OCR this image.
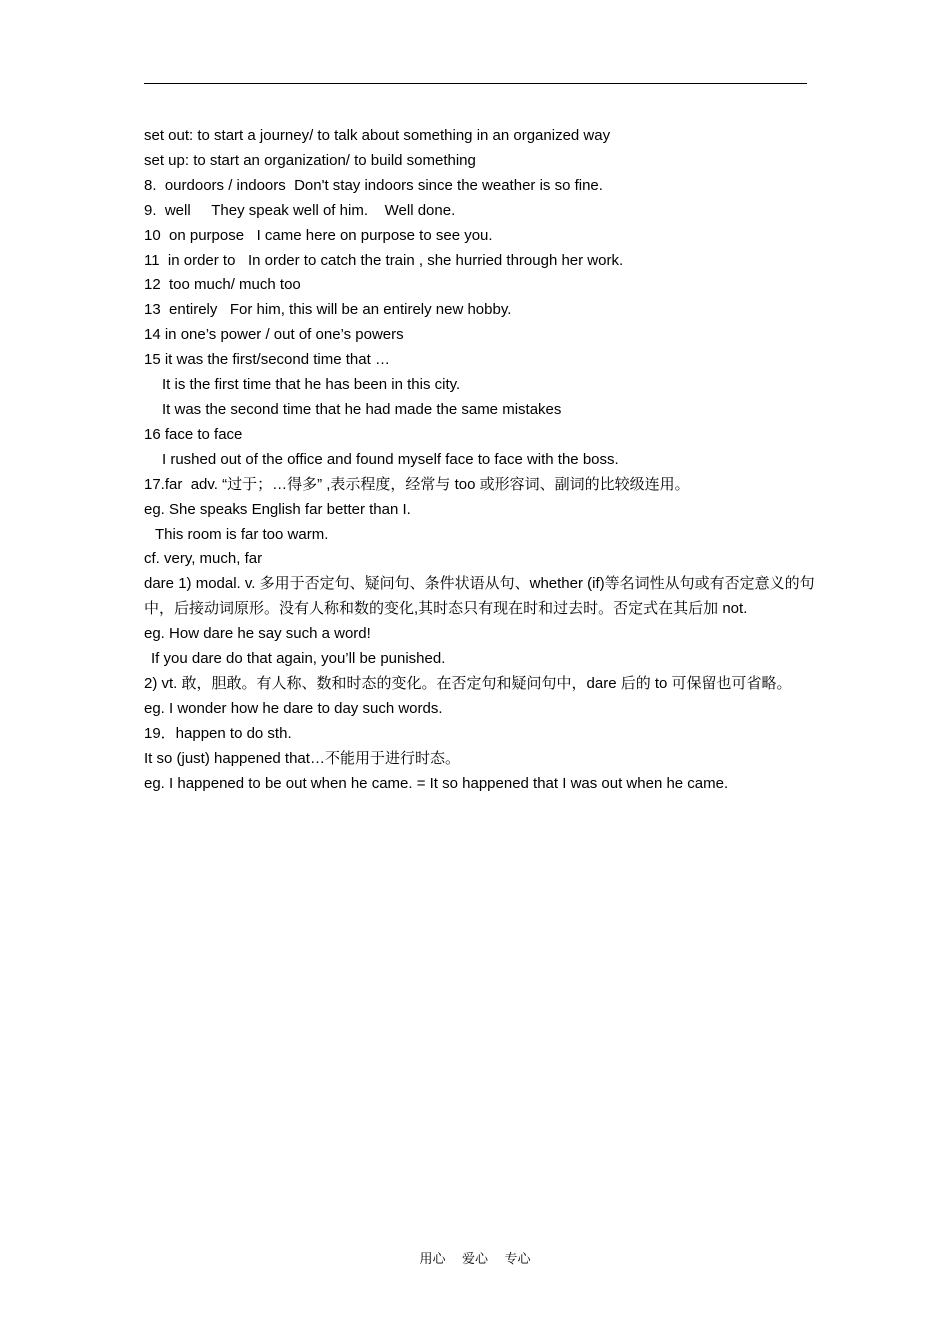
set out: to start a journey/ to talk about something in an organized way
set up: to start an organization/ to build something
8.  ourdoors / indoors  Don't stay indoors since the weather is so fine.
9.  well     They speak well of him.    Well done.
10  on purpose   I came here on purpose to see you.
11  in order to   In order to catch the train , she hurried through her work.
12  too much/ much too
13  entirely   For him, this will be an entirely new hobby.
14 in one’s power / out of one’s powers
15 it was the first/second time that …
It is the first time that he has been in this city.
It was the second time that he had made the same mistakes
16 face to face
I rushed out of the office and found myself face to face with the boss.
17.far  adv. “过于；…得多” ,表示程度，经常与 too 或形容词、副词的比较级连用。
eg. She speaks English far better than I.
This room is far too warm.
cf. very, much, far
dare 1) modal. v. 多用于否定句、疑问句、条件状语从句、whether (if)等名词性从句或有否定意义的句中，后接动词原形。没有人称和数的变化,其时态只有现在时和过去时。否定式在其后加 not.
eg. How dare he say such a word!
If you dare do that again, you’ll be punished.
2) vt. 敢，胆敢。有人称、数和时态的变化。在否定句和疑问句中，dare 后的 to 可保留也可省略。
eg. I wonder how he dare to day such words.
19．happen to do sth.
It so (just) happened that…不能用于进行时态。
eg. I happened to be out when he came. = It so happened that I was out when he came.
用心    爱心    专心
